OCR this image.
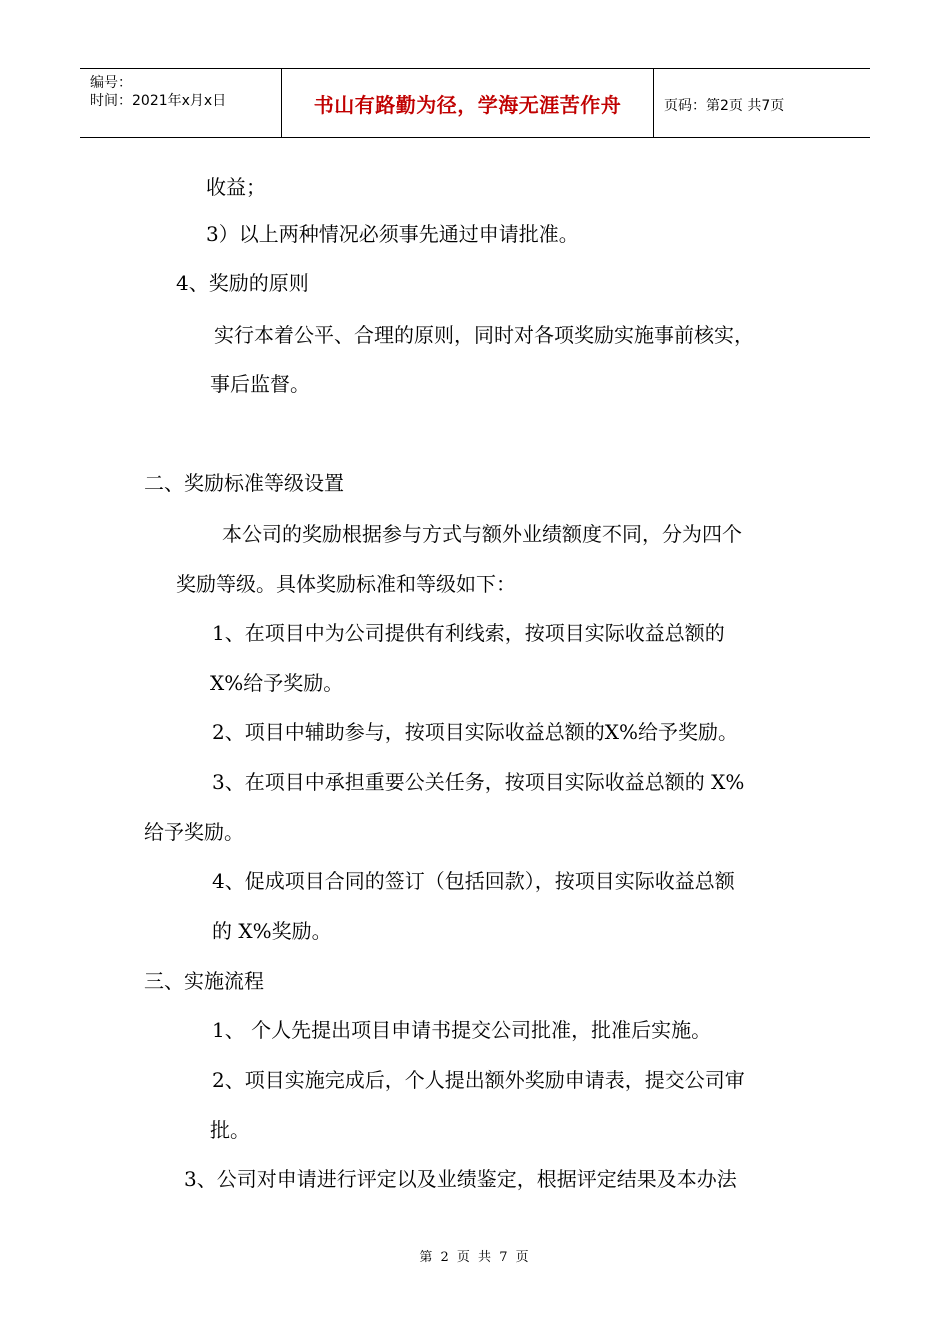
编号：
时间：2021年x月x日	书山有路勤为径，学海无涯苦作舟	页码：第2页 共7页
收益；
3）以上两种情况必须事先通过申请批准。
4、奖励的原则
实行本着公平、合理的原则，同时对各项奖励实施事前核实，
事后监督。
二、奖励标准等级设置
本公司的奖励根据参与方式与额外业绩额度不同，分为四个
奖励等级。具体奖励标准和等级如下：
1、在项目中为公司提供有利线索，按项目实际收益总额的
X%给予奖励。
2、项目中辅助参与，按项目实际收益总额的X%给予奖励。
3、在项目中承担重要公关任务，按项目实际收益总额的 X%
给予奖励。
4、促成项目合同的签订（包括回款），按项目实际收益总额
的 X%奖励。
三、实施流程
1、 个人先提出项目申请书提交公司批准，批准后实施。
2、项目实施完成后，个人提出额外奖励申请表，提交公司审
批。
3、公司对申请进行评定以及业绩鉴定，根据评定结果及本办法
第 2 页 共 7 页
